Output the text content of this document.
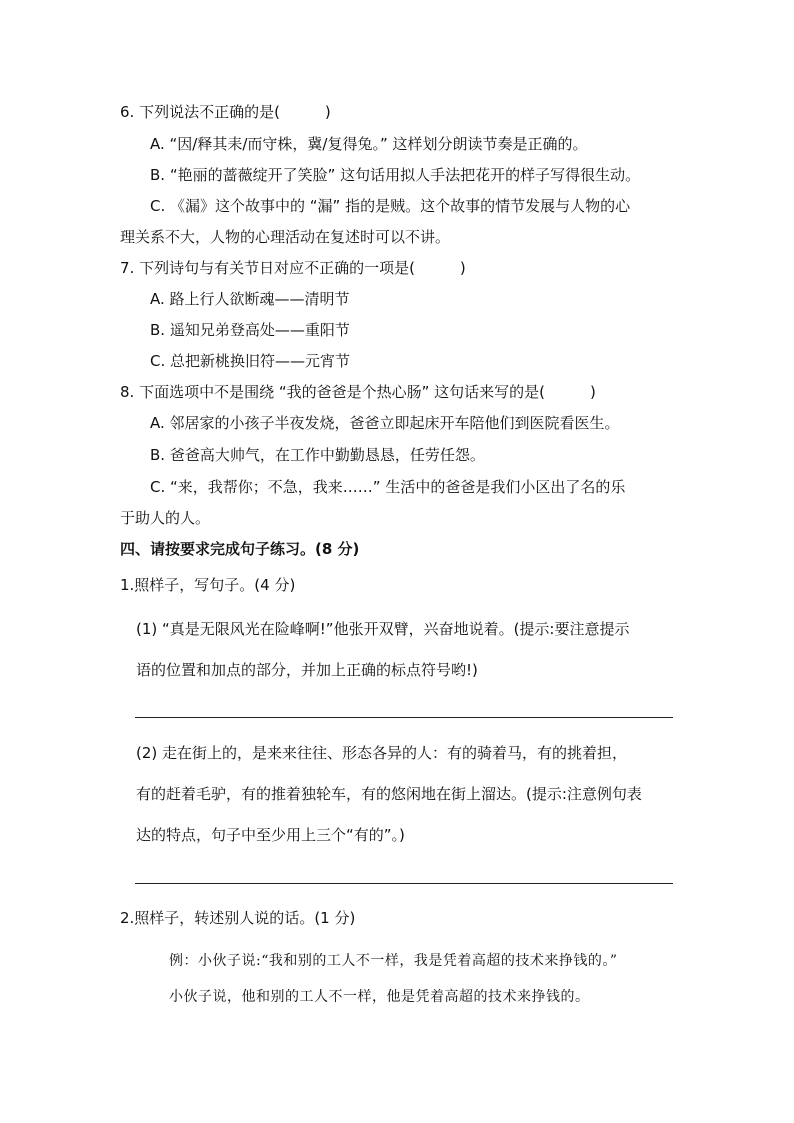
6. 下列说法不正确的是(　　　)
A. “因/释其耒/而守株，冀/复得兔。” 这样划分朗读节奏是正确的。
B. “艳丽的蔷薇绽开了笑脸” 这句话用拟人手法把花开的样子写得很生动。
C. 《漏》这个故事中的 “漏” 指的是贼。这个故事的情节发展与人物的心
理关系不大，人物的心理活动在复述时可以不讲。
7. 下列诗句与有关节日对应不正确的一项是(　　　)
A. 路上行人欲断魂——清明节
B. 遥知兄弟登高处——重阳节
C. 总把新桃换旧符——元宵节
8. 下面选项中不是围绕 “我的爸爸是个热心肠” 这句话来写的是(　　　)
A. 邻居家的小孩子半夜发烧，爸爸立即起床开车陪他们到医院看医生。
B. 爸爸高大帅气，在工作中勤勤恳恳，任劳任怨。
C. “来，我帮你；不急，我来……” 生活中的爸爸是我们小区出了名的乐
于助人的人。
四、请按要求完成句子练习。(8 分)
1.照样子，写句子。(4 分)
(1) “真是无限风光在险峰啊!”他张开双臂，兴奋地说着。(提示:要注意提示
语的位置和加点的部分，并加上正确的标点符号哟!)
(2) 走在街上的，是来来往往、形态各异的人：有的骑着马，有的挑着担，
有的赶着毛驴，有的推着独轮车，有的悠闲地在街上溜达。(提示:注意例句表
达的特点，句子中至少用上三个“有的”。)
2.照样子，转述别人说的话。(1 分)
例：小伙子说:“我和别的工人不一样，我是凭着高超的技术来挣钱的。”
小伙子说，他和别的工人不一样，他是凭着高超的技术来挣钱的。
